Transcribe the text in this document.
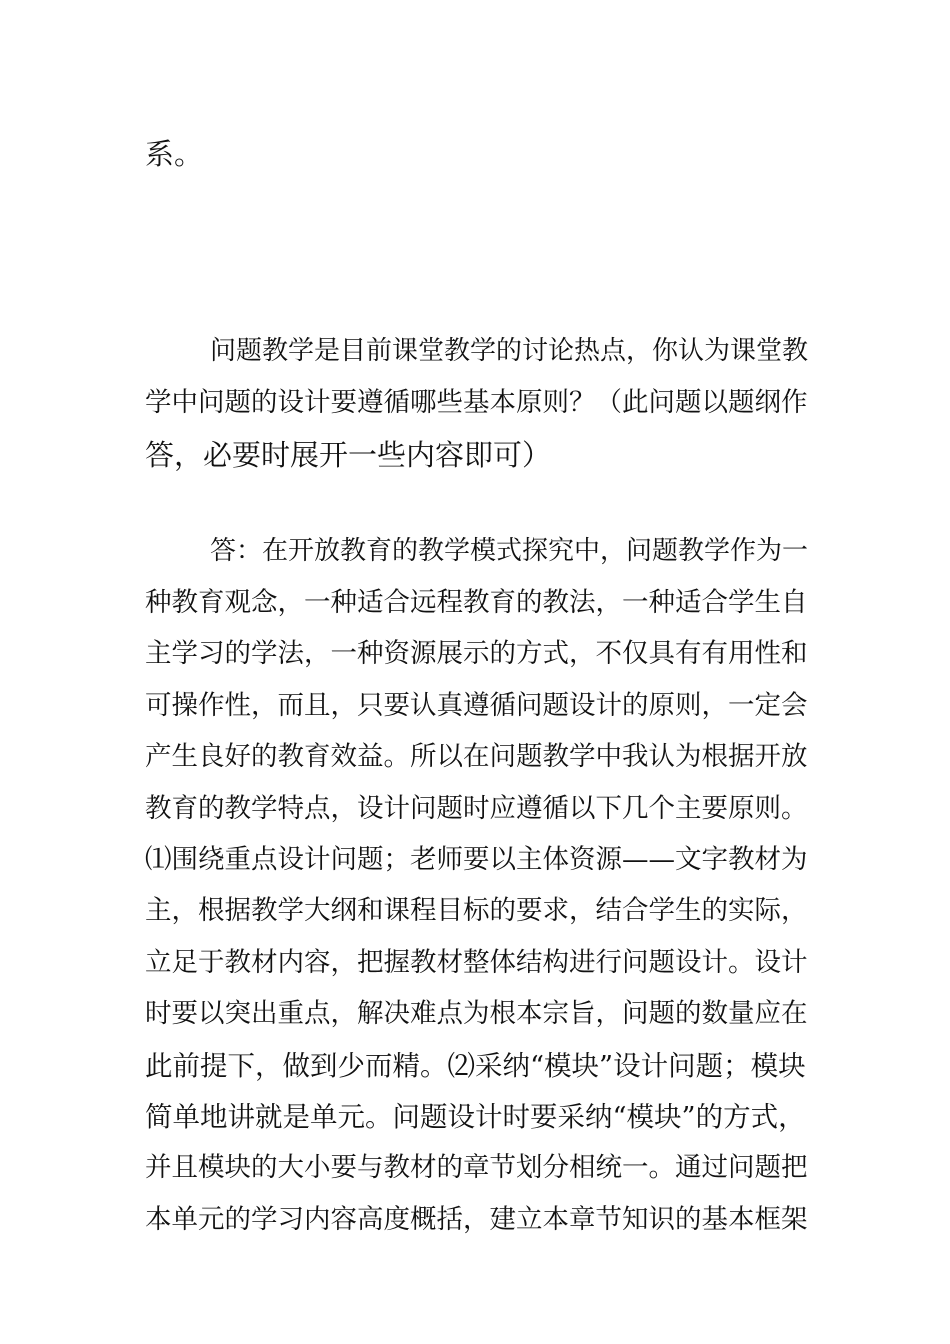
系。
问题教学是目前课堂教学的讨论热点，你认为课堂教
学中问题的设计要遵循哪些基本原则？（此问题以题纲作
答，必要时展开一些内容即可）
答：在开放教育的教学模式探究中，问题教学作为一
种教育观念，一种适合远程教育的教法，一种适合学生自
主学习的学法，一种资源展示的方式，不仅具有有用性和
可操作性，而且，只要认真遵循问题设计的原则，一定会
产生良好的教育效益。所以在问题教学中我认为根据开放
教育的教学特点，设计问题时应遵循以下几个主要原则。
⑴围绕重点设计问题；老师要以主体资源——文字教材为
主，根据教学大纲和课程目标的要求，结合学生的实际，
立足于教材内容，把握教材整体结构进行问题设计。设计
时要以突出重点，解决难点为根本宗旨，问题的数量应在
此前提下，做到少而精。⑵采纳“模块”设计问题；模块
简单地讲就是单元。问题设计时要采纳“模块”的方式，
并且模块的大小要与教材的章节划分相统一。通过问题把
本单元的学习内容高度概括，建立本章节知识的基本框架
